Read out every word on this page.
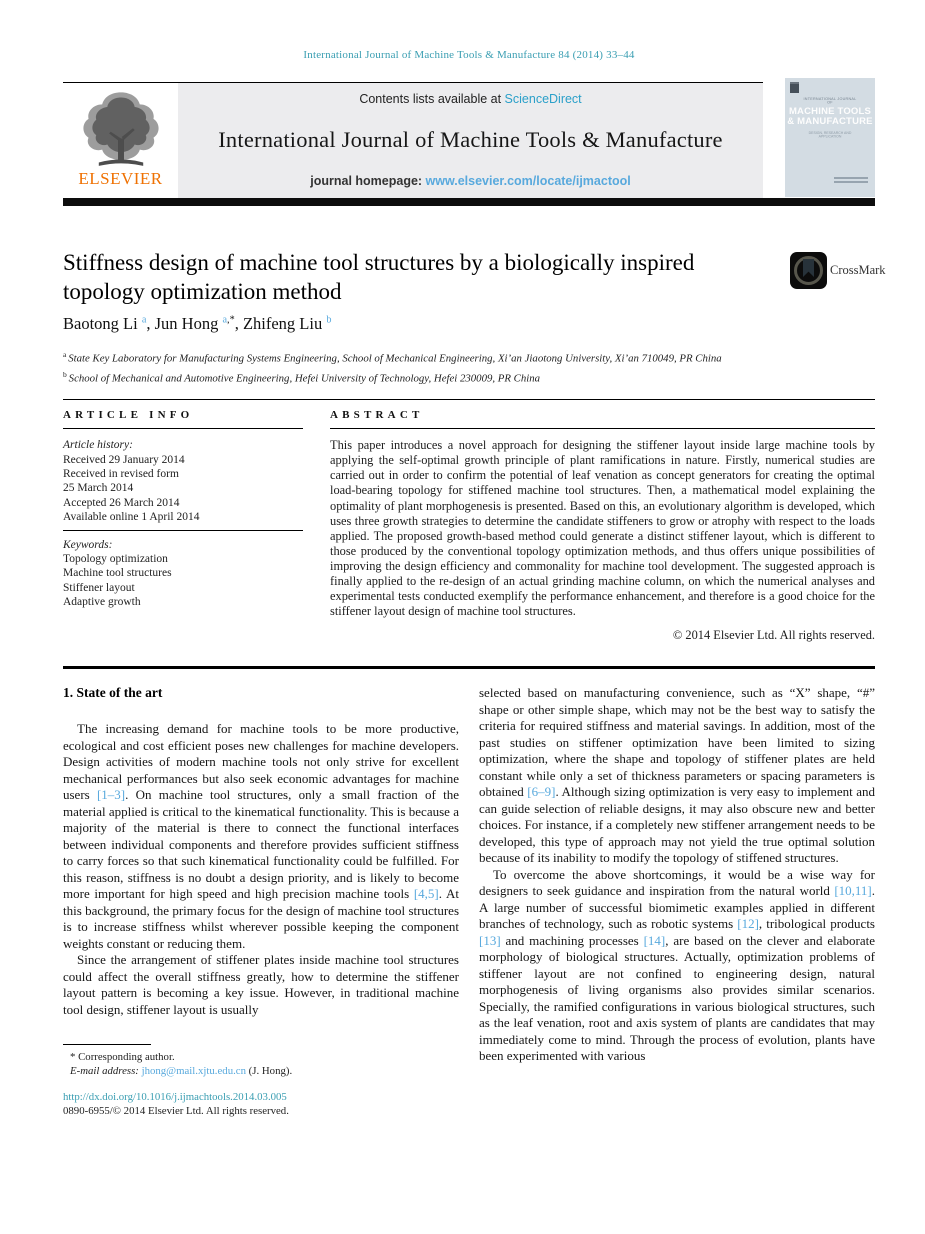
International Journal of Machine Tools & Manufacture 84 (2014) 33–44
ELSEVIER
Contents lists available at ScienceDirect
International Journal of Machine Tools & Manufacture
journal homepage: www.elsevier.com/locate/ijmactool
INTERNATIONAL JOURNAL OF
MACHINE TOOLS
& MANUFACTURE
DESIGN, RESEARCH AND APPLICATION
Stiffness design of machine tool structures by a biologically inspired topology optimization method
CrossMark
Baotong Li $^a$, Jun Hong $^{a,*}$, Zhifeng Liu $^b$
$^a$ State Key Laboratory for Manufacturing Systems Engineering, School of Mechanical Engineering, Xi’an Jiaotong University, Xi’an 710049, PR China
$^b$ School of Mechanical and Automotive Engineering, Hefei University of Technology, Hefei 230009, PR China
ARTICLE INFO
Article history:
Received 29 January 2014
Received in revised form
25 March 2014
Accepted 26 March 2014
Available online 1 April 2014
Keywords:
Topology optimization
Machine tool structures
Stiffener layout
Adaptive growth
ABSTRACT

This paper introduces a novel approach for designing the stiffener layout inside large machine tools by applying the self-optimal growth principle of plant ramifications in nature. Firstly, numerical studies are carried out in order to confirm the potential of leaf venation as concept generators for creating the optimal load-bearing topology for stiffened machine tool structures. Then, a mathematical model explaining the optimality of plant morphogenesis is presented. Based on this, an evolutionary algorithm is developed, which uses three growth strategies to determine the candidate stiffeners to grow or atrophy with respect to the loads applied. The proposed growth-based method could generate a distinct stiffener layout, which is different to those produced by the conventional topology optimization methods, and thus offers unique possibilities of improving the design efficiency and commonality for machine tool development. The suggested approach is finally applied to the re-design of an actual grinding machine column, on which the numerical analyses and experimental tests conducted exemplify the performance enhancement, and therefore is a good choice for the stiffener layout design of machine tool structures.

© 2014 Elsevier Ltd. All rights reserved.
1. State of the art

The increasing demand for machine tools to be more productive, ecological and cost efficient poses new challenges for machine developers. Design activities of modern machine tools not only strive for excellent mechanical performances but also seek economic advantages for machine users [1–3]. On machine tool structures, only a small fraction of the material applied is critical to the kinematical functionality. This is because a majority of the material is there to connect the functional interfaces between individual components and therefore provides sufficient stiffness to carry forces so that such kinematical functionality could be fulfilled. For this reason, stiffness is no doubt a design priority, and is likely to become more important for high speed and high precision machine tools [4,5]. At this background, the primary focus for the design of machine tool structures is to increase stiffness whilst wherever possible keeping the component weights constant or reducing them.

Since the arrangement of stiffener plates inside machine tool structures could affect the overall stiffness greatly, how to determine the stiffener layout pattern is becoming a key issue. However, in traditional machine tool design, stiffener layout is usually

* Corresponding author.
E-mail address: jhong@mail.xjtu.edu.cn (J. Hong).
http://dx.doi.org/10.1016/j.ijmachtools.2014.03.005
0890-6955/© 2014 Elsevier Ltd. All rights reserved.

selected based on manufacturing convenience, such as “X” shape, “#” shape or other simple shape, which may not be the best way to satisfy the criteria for required stiffness and material savings. In addition, most of the past studies on stiffener optimization have been limited to sizing optimization, where the shape and topology of stiffener plates are held constant while only a set of thickness parameters or spacing parameters is obtained [6–9]. Although sizing optimization is very easy to implement and can guide selection of reliable designs, it may also obscure new and better choices. For instance, if a completely new stiffener arrangement needs to be developed, this type of approach may not yield the true optimal solution because of its inability to modify the topology of stiffened structures.

To overcome the above shortcomings, it would be a wise way for designers to seek guidance and inspiration from the natural world [10,11]. A large number of successful biomimetic examples applied in different branches of technology, such as robotic systems [12], tribological products [13] and machining processes [14], are based on the clever and elaborate morphology of biological structures. Actually, optimization problems of stiffener layout are not confined to engineering design, natural morphogenesis of living organisms also provides similar scenarios. Specially, the ramified configurations in various biological structures, such as the leaf venation, root and axis system of plants are candidates that may immediately come to mind. Through the process of evolution, plants have been experimented with various
